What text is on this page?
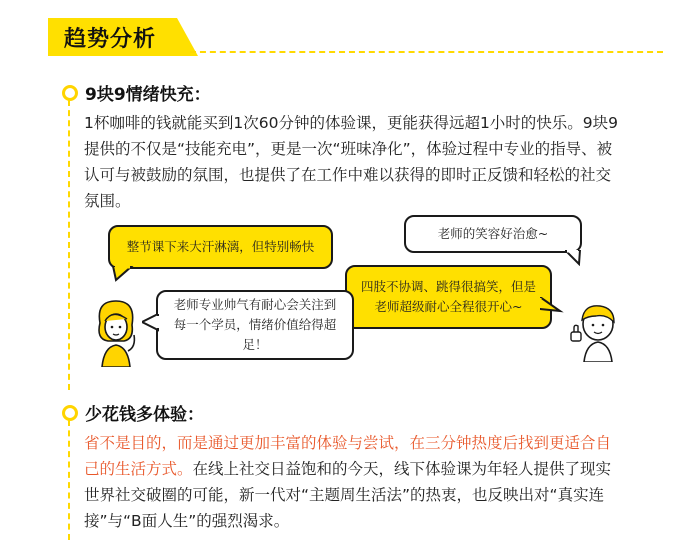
趋势分析
9块9情绪快充：
1杯咖啡的钱就能买到1次60分钟的体验课，更能获得远超1小时的快乐。9块9提供的不仅是“技能充电”，更是一次“班味净化”，体验过程中专业的指导、被认可与被鼓励的氛围，也提供了在工作中难以获得的即时正反馈和轻松的社交氛围。
整节课下来大汗淋漓，但特别畅快
老师的笑容好治愈~
四肢不协调、跳得很搞笑，但是老师超级耐心全程很开心~
老师专业帅气有耐心会关注到每一个学员，情绪价值给得超足！
少花钱多体验：
省不是目的，而是通过更加丰富的体验与尝试，在三分钟热度后找到更适合自己的生活方式。在线上社交日益饱和的今天，线下体验课为年轻人提供了现实世界社交破圈的可能，新一代对“主题周生活法”的热衷，也反映出对“真实连接”与“B面人生”的强烈渴求。
